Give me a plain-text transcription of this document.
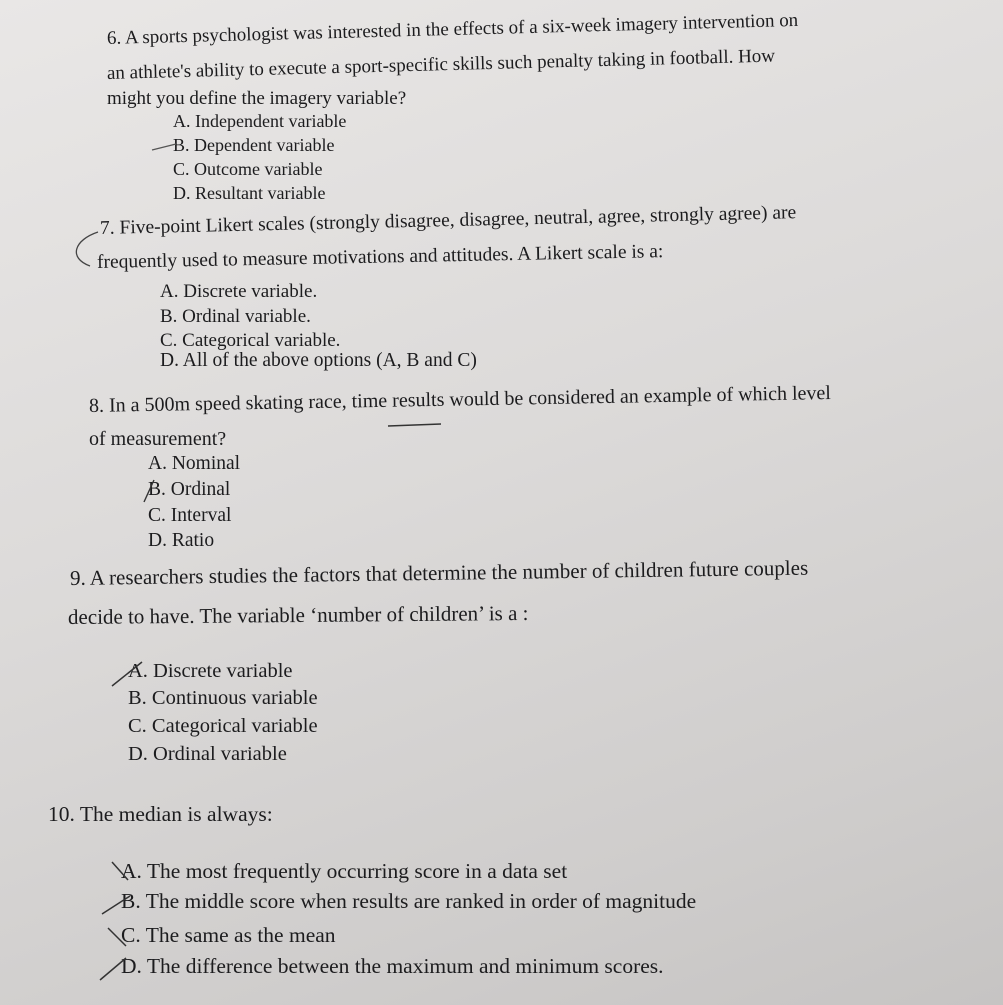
6. A sports psychologist was interested in the effects of a six-week imagery intervention on
an athlete's ability to execute a sport-specific skills such penalty taking in football. How
might you define the imagery variable?
A. Independent variable
B. Dependent variable
C. Outcome variable
D. Resultant variable
7. Five-point Likert scales (strongly disagree, disagree, neutral, agree, strongly agree) are
frequently used to measure motivations and attitudes. A Likert scale is a:
A. Discrete variable.
B. Ordinal variable.
C. Categorical variable.
D. All of the above options (A, B and C)
8. In a 500m speed skating race, time results would be considered an example of which level
of measurement?
A. Nominal
B. Ordinal
C. Interval
D. Ratio
9. A researchers studies the factors that determine the number of children future couples
decide to have. The variable ‘number of children’ is a :
A. Discrete variable
B. Continuous variable
C. Categorical variable
D. Ordinal variable
10. The median is always:
A. The most frequently occurring score in a data set
B. The middle score when results are ranked in order of magnitude
C. The same as the mean
D. The difference between the maximum and minimum scores.
